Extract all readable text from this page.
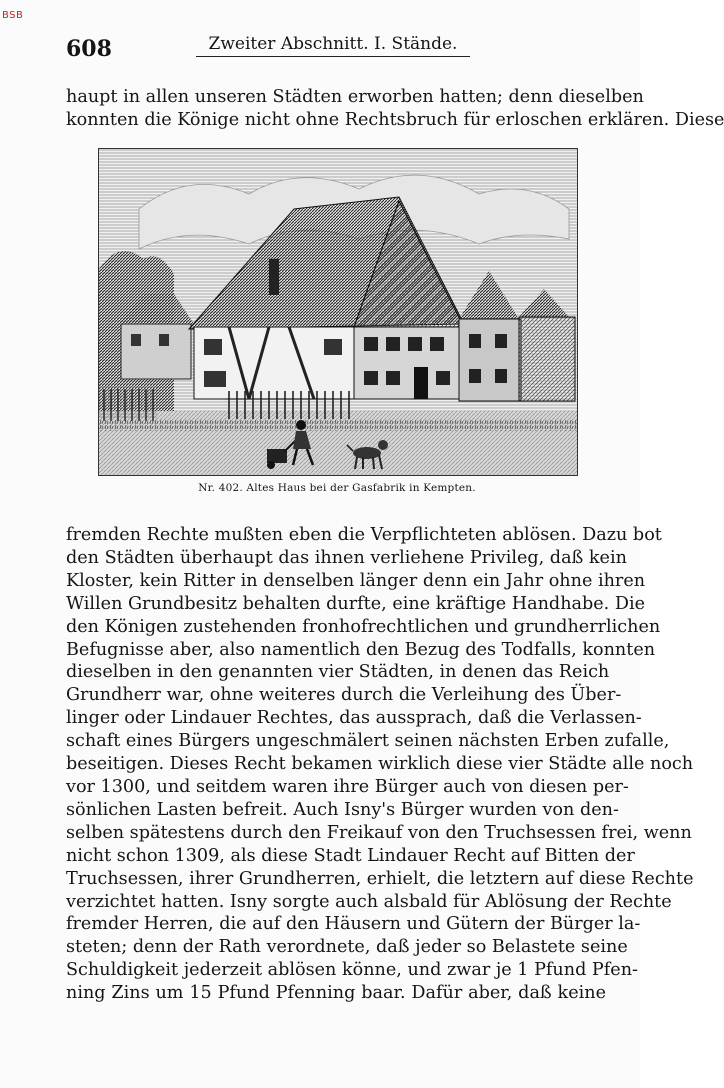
BSB
608	Zweiter Abschnitt. I. Stände.
haupt in allen unseren Städten erworben hatten; denn dieselben
konnten die Könige nicht ohne Rechtsbruch für erloschen erklären. Diese
Nr. 402. Altes Haus bei der Gasfabrik in Kempten.
fremden Rechte mußten eben die Verpflichteten ablösen. Dazu bot
den Städten überhaupt das ihnen verliehene Privileg, daß kein
Kloster, kein Ritter in denselben länger denn ein Jahr ohne ihren
Willen Grundbesitz behalten durfte, eine kräftige Handhabe. Die
den Königen zustehenden fronhofrechtlichen und grundherrlichen
Befugnisse aber, also namentlich den Bezug des Todfalls, konnten
dieselben in den genannten vier Städten, in denen das Reich
Grundherr war, ohne weiteres durch die Verleihung des Über-
linger oder Lindauer Rechtes, das aussprach, daß die Verlassen-
schaft eines Bürgers ungeschmälert seinen nächsten Erben zufalle,
beseitigen. Dieses Recht bekamen wirklich diese vier Städte alle noch
vor 1300, und seitdem waren ihre Bürger auch von diesen per-
sönlichen Lasten befreit. Auch Isny's Bürger wurden von den-
selben spätestens durch den Freikauf von den Truchsessen frei, wenn
nicht schon 1309, als diese Stadt Lindauer Recht auf Bitten der
Truchsessen, ihrer Grundherren, erhielt, die letztern auf diese Rechte
verzichtet hatten. Isny sorgte auch alsbald für Ablösung der Rechte
fremder Herren, die auf den Häusern und Gütern der Bürger la-
steten; denn der Rath verordnete, daß jeder so Belastete seine
Schuldigkeit jederzeit ablösen könne, und zwar je 1 Pfund Pfen-
ning Zins um 15 Pfund Pfenning baar. Dafür aber, daß keine
